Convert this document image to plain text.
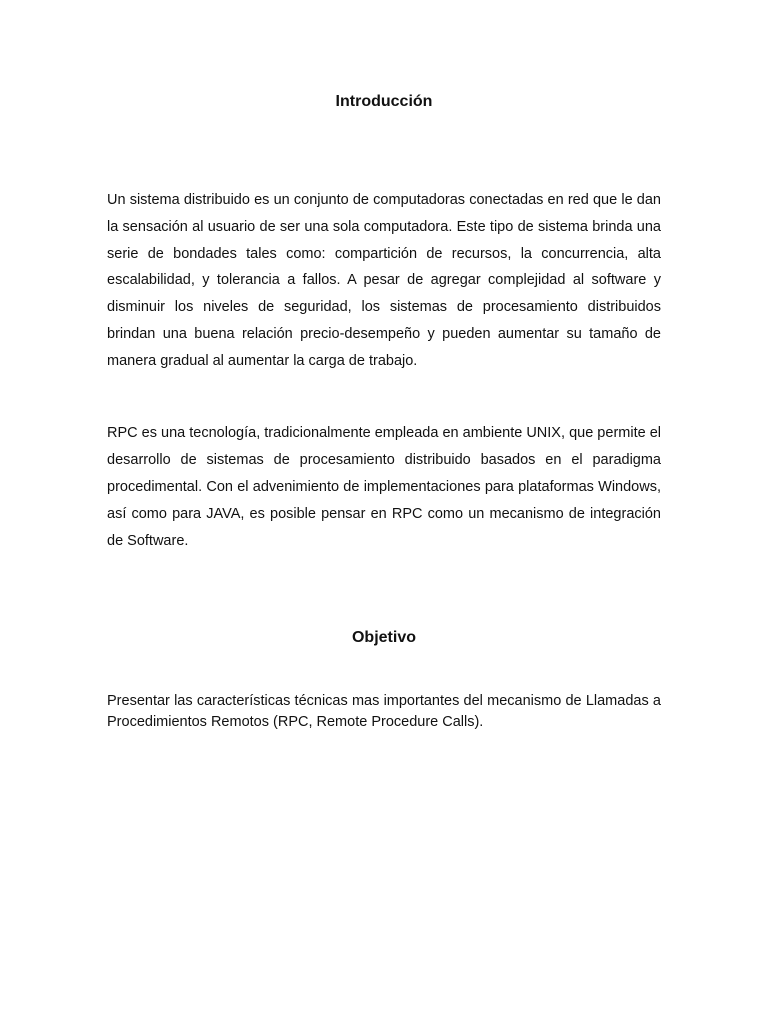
Introducción

Un sistema distribuido es un conjunto de computadoras conectadas en red que le dan la sensación al usuario de ser una sola computadora. Este tipo de sistema brinda una serie de bondades tales como: compartición de recursos, la concurrencia, alta escalabilidad, y tolerancia a fallos. A pesar de agregar complejidad al software y disminuir los niveles de seguridad, los sistemas de procesamiento distribuidos brindan una buena relación precio-desempeño y pueden aumentar su tamaño de manera gradual al aumentar la carga de trabajo.

RPC es una tecnología, tradicionalmente empleada en ambiente UNIX, que permite el desarrollo de sistemas de procesamiento distribuido basados en el paradigma procedimental. Con el advenimiento de implementaciones para plataformas Windows, así como para JAVA, es posible pensar en RPC como un mecanismo de integración de Software.

Objetivo

Presentar las características técnicas mas importantes del mecanismo de Llamadas a Procedimientos Remotos (RPC, Remote Procedure Calls).
